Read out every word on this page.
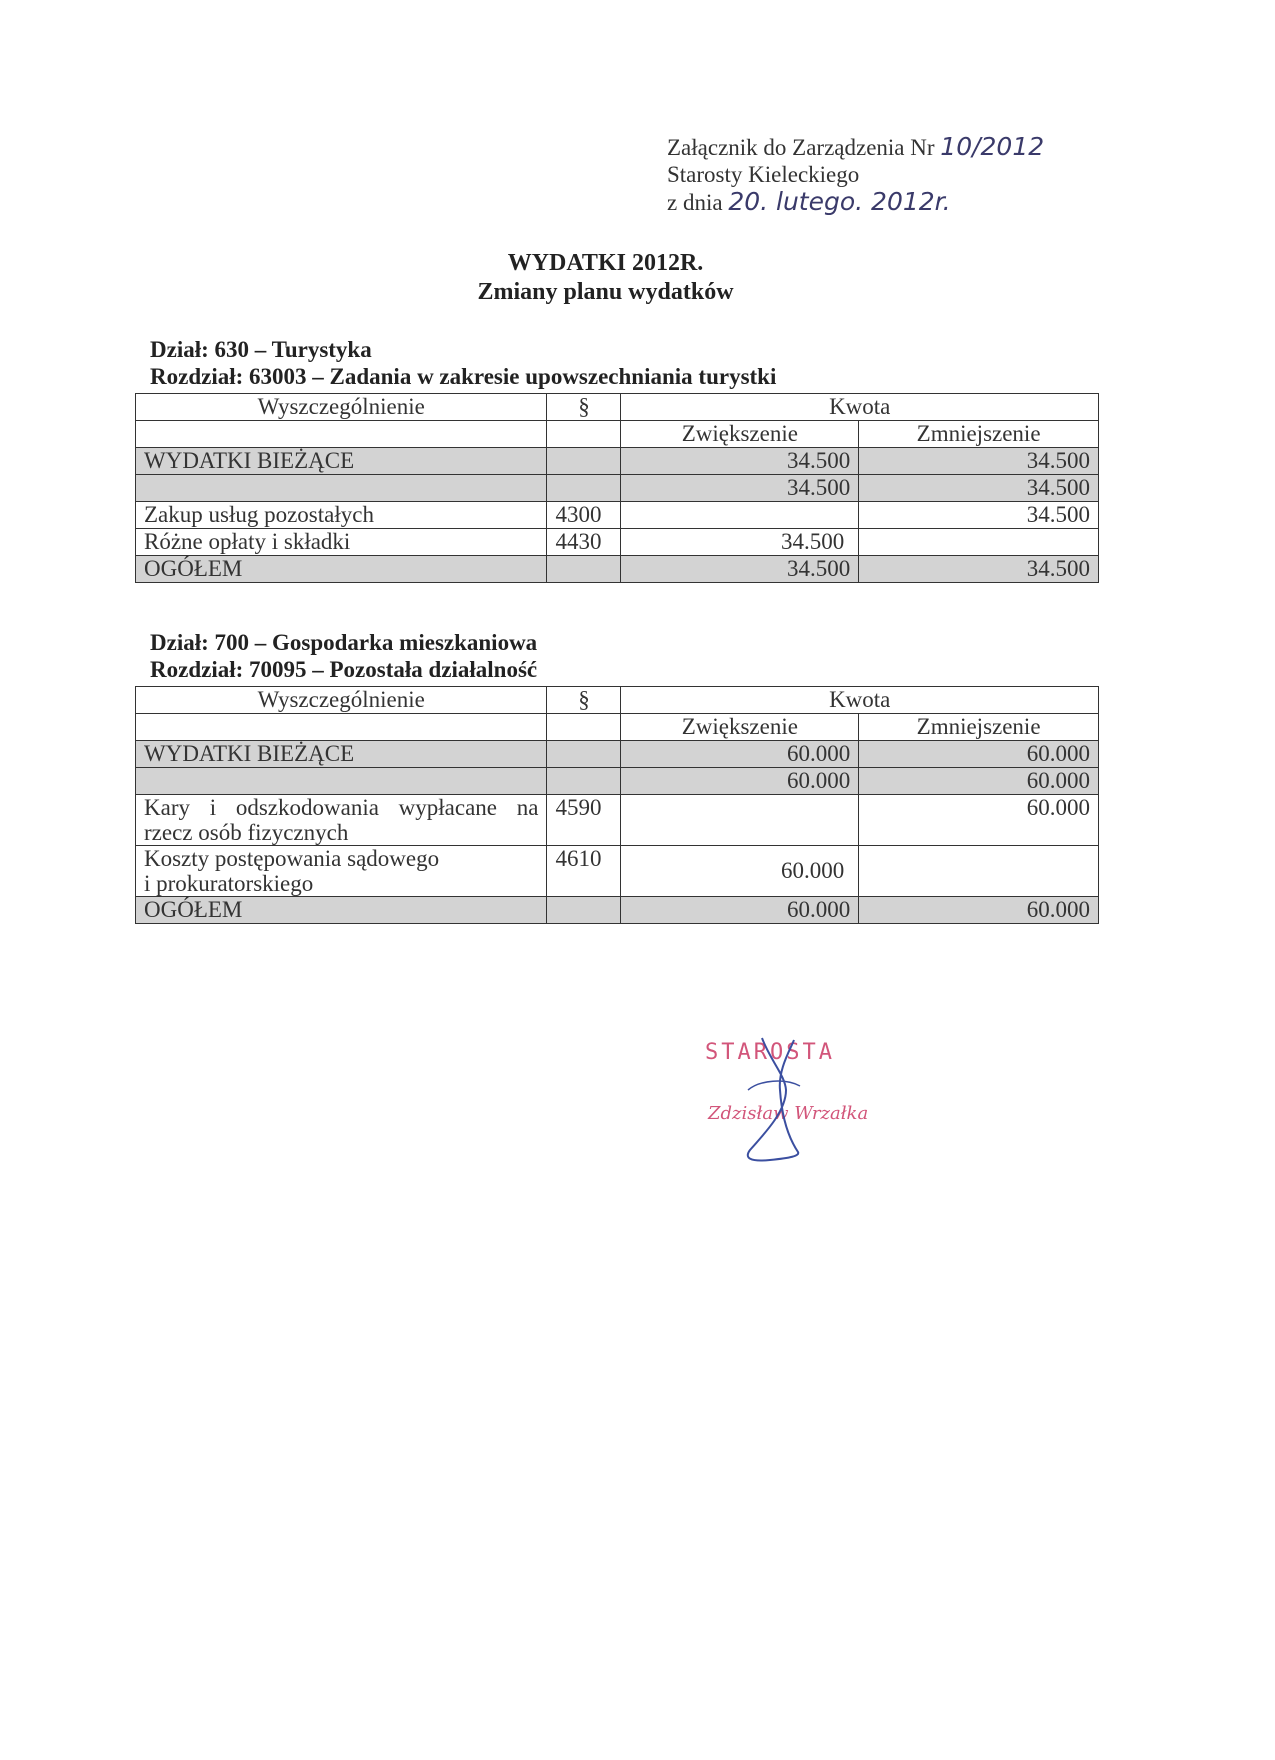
Załącznik do Zarządzenia Nr 10/2012
Starosty Kieleckiego
z dnia 20. lutego. 2012r.
WYDATKI 2012R.
Zmiany planu wydatków
Dział: 630 – Turystyka
Rozdział: 63003 – Zadania w zakresie upowszechniania turystki
Wyszczególnienie	§	Kwota	
		Zwiększenie	Zmniejszenie
WYDATKI BIEŻĄCE		34.500	34.500
		34.500	34.500
Zakup usług pozostałych	4300		34.500
Różne opłaty i składki	4430	34.500	
OGÓŁEM		34.500	34.500
Dział: 700 – Gospodarka mieszkaniowa
Rozdział: 70095 – Pozostała działalność
Wyszczególnienie	§	Kwota	
		Zwiększenie	Zmniejszenie
WYDATKI BIEŻĄCE		60.000	60.000
		60.000	60.000

Kary i odszkodowania wypłacane na
rzecz osób fizycznych	4590		60.000

Koszty postępowania sądowego
i prokuratorskiego	4610	60.000	
OGÓŁEM		60.000	60.000
STAROSTA
Zdzisław Wrzałka
